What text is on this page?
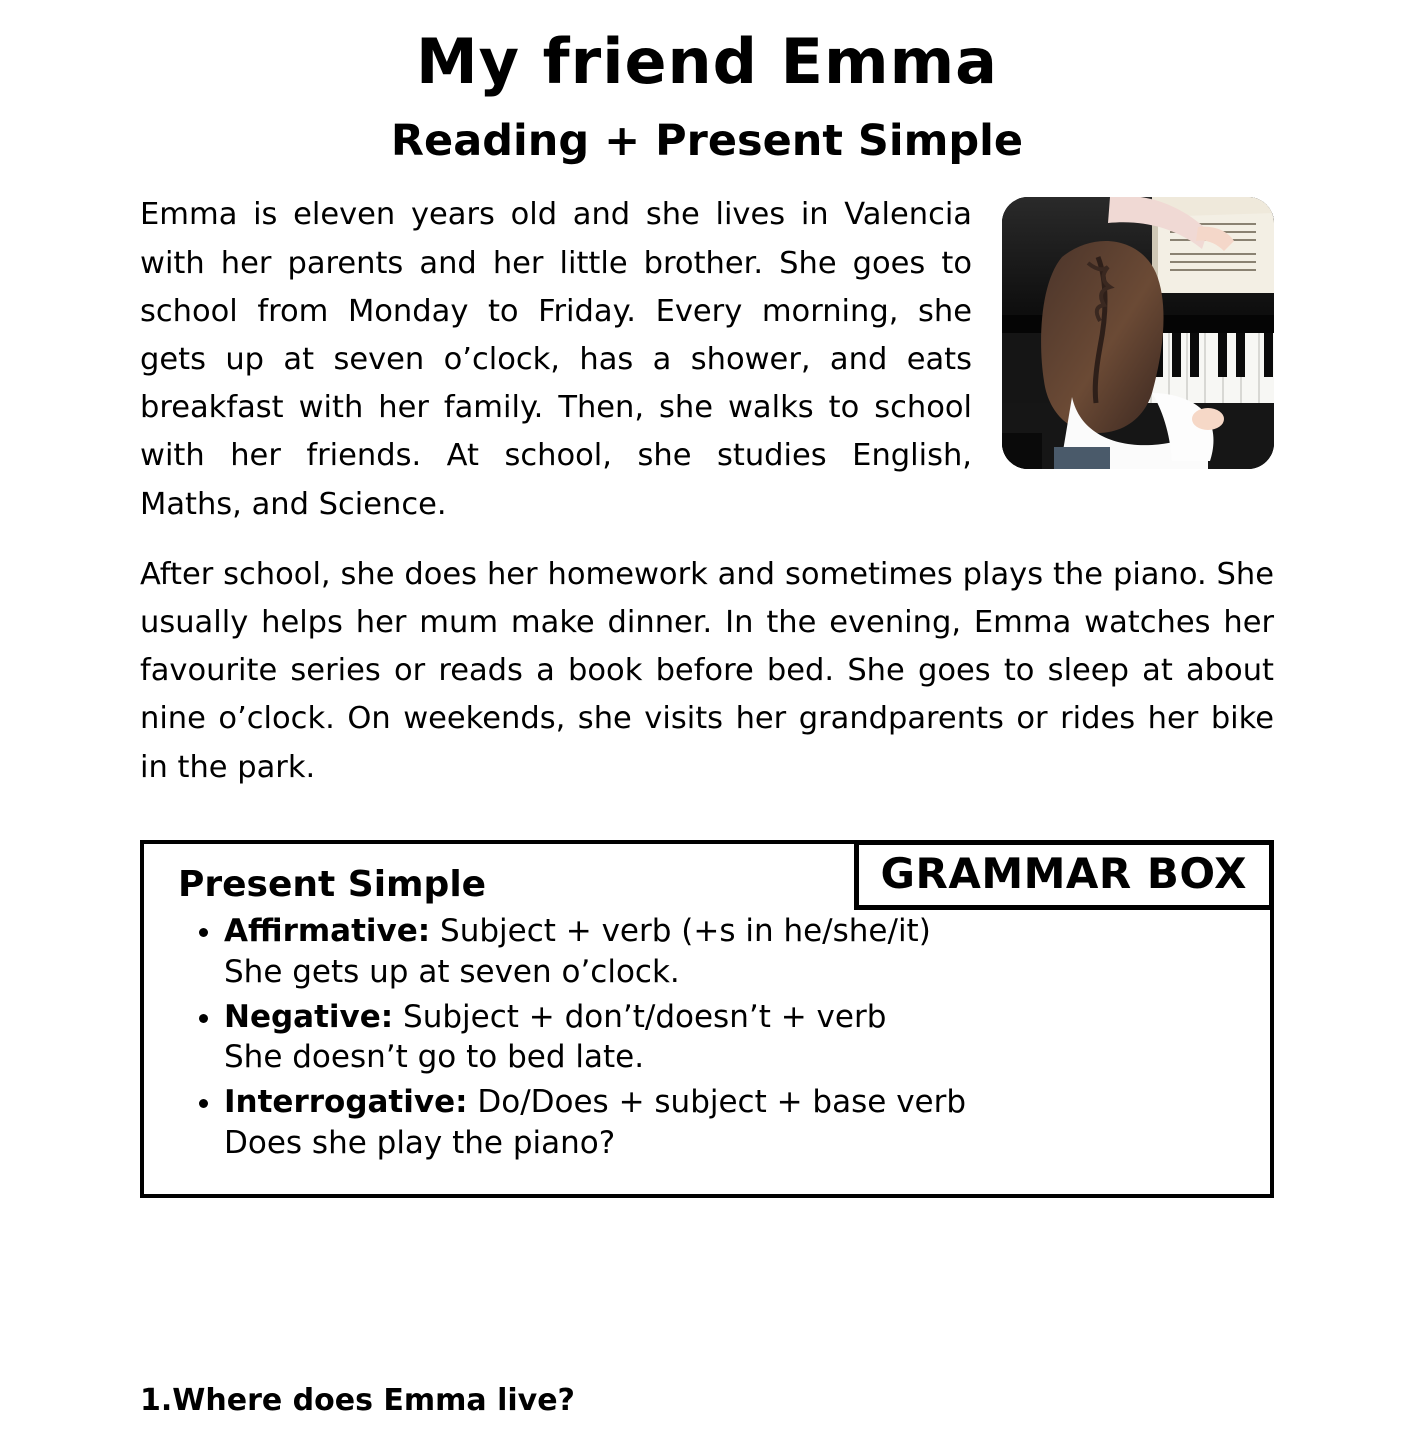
My friend Emma
Reading + Present Simple

Emma is eleven years old and she lives in Valencia with her parents and her little brother. She goes to school from Monday to Friday. Every morning, she gets up at seven o’clock, has a shower, and eats breakfast with her family. Then, she walks to school with her friends. At school, she studies English, Maths, and Science.

After school, she does her homework and sometimes plays the piano. She usually helps her mum make dinner. In the evening, Emma watches her favourite series or reads a book before bed. She goes to sleep at about nine o’clock. On weekends, she visits her grandparents or rides her bike in the park.

GRAMMAR BOX
Present Simple
• Affirmative: Subject + verb (+s in he/she/it)
She gets up at seven o’clock.
• Negative: Subject + don’t/doesn’t + verb
She doesn’t go to bed late.
• Interrogative: Do/Does + subject + base verb
Does she play the piano?
1.Where does Emma live?
